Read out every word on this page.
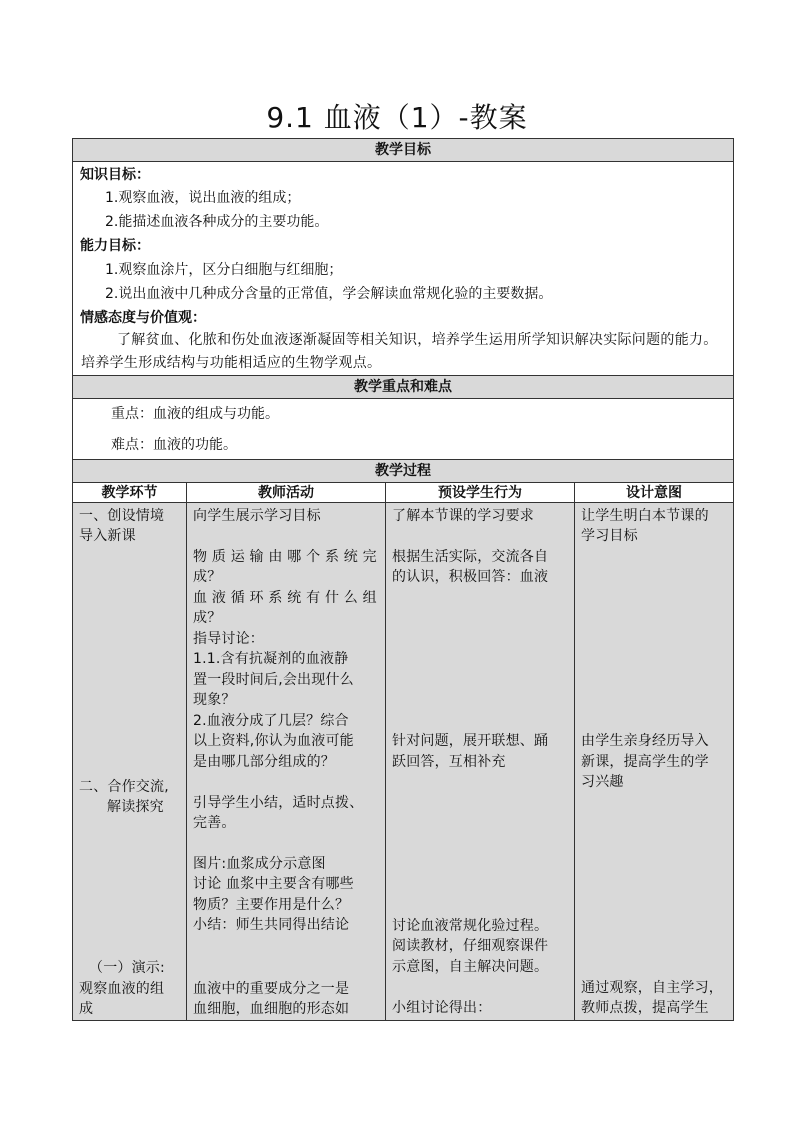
9.1 血液（1）-教案
教学目标
知识目标：
1.观察血液，说出血液的组成；
2.能描述血液各种成分的主要功能。
能力目标：
1.观察血涂片，区分白细胞与红细胞；
2.说出血液中几种成分含量的正常值，学会解读血常规化验的主要数据。
情感态度与价值观：
了解贫血、化脓和伤处血液逐渐凝固等相关知识，培养学生运用所学知识解决实际问题的能力。培养学生形成结构与功能相适应的生物学观点。
教学重点和难点
重点：血液的组成与功能。
难点：血液的功能。
教学过程
教学环节
一、创设情境
导入新课
二、合作交流,
解读探究
（一）演示:
观察血液的组
成
教师活动
向学生展示学习目标
物 质 运 输 由 哪 个 系 统 完
成？
血 液 循 环 系 统 有 什 么 组
成？
指导讨论：
1.1.含有抗凝剂的血液静
置一段时间后,会出现什么
现象？
2.血液分成了几层？综合
以上资料,你认为血液可能
是由哪几部分组成的？
引导学生小结，适时点拨、
完善。
图片:血浆成分示意图
讨论 血浆中主要含有哪些
物质？主要作用是什么？
小结：师生共同得出结论
血液中的重要成分之一是
血细胞，血细胞的形态如
预设学生行为
了解本节课的学习要求
根据生活实际，交流各自
的认识，积极回答：血液
针对问题，展开联想、踊
跃回答，互相补充
讨论血液常规化验过程。
阅读教材，仔细观察课件
示意图，自主解决问题。
小组讨论得出：
设计意图
让学生明白本节课的
学习目标
由学生亲身经历导入
新课，提高学生的学
习兴趣
通过观察，自主学习，
教师点拨，提高学生
